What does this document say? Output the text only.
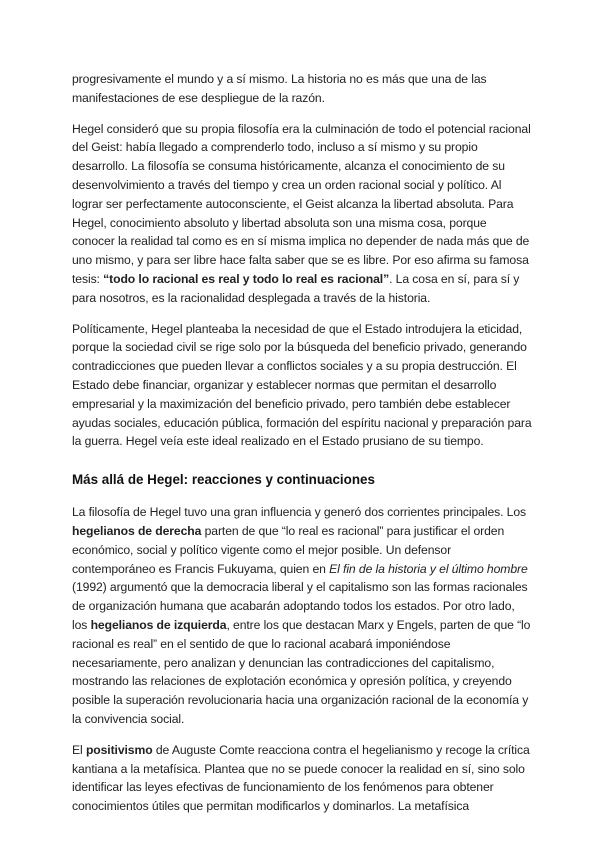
progresivamente el mundo y a sí mismo. La historia no es más que una de las manifestaciones de ese despliegue de la razón.

Hegel consideró que su propia filosofía era la culminación de todo el potencial racional del Geist: había llegado a comprenderlo todo, incluso a sí mismo y su propio desarrollo. La filosofía se consuma históricamente, alcanza el conocimiento de su desenvolvimiento a través del tiempo y crea un orden racional social y político. Al lograr ser perfectamente autoconsciente, el Geist alcanza la libertad absoluta. Para Hegel, conocimiento absoluto y libertad absoluta son una misma cosa, porque conocer la realidad tal como es en sí misma implica no depender de nada más que de uno mismo, y para ser libre hace falta saber que se es libre. Por eso afirma su famosa tesis: “todo lo racional es real y todo lo real es racional”. La cosa en sí, para sí y para nosotros, es la racionalidad desplegada a través de la historia.

Políticamente, Hegel planteaba la necesidad de que el Estado introdujera la eticidad, porque la sociedad civil se rige solo por la búsqueda del beneficio privado, generando contradicciones que pueden llevar a conflictos sociales y a su propia destrucción. El Estado debe financiar, organizar y establecer normas que permitan el desarrollo empresarial y la maximización del beneficio privado, pero también debe establecer ayudas sociales, educación pública, formación del espíritu nacional y preparación para la guerra. Hegel veía este ideal realizado en el Estado prusiano de su tiempo.

Más allá de Hegel: reacciones y continuaciones

La filosofía de Hegel tuvo una gran influencia y generó dos corrientes principales. Los hegelianos de derecha parten de que “lo real es racional” para justificar el orden económico, social y político vigente como el mejor posible. Un defensor contemporáneo es Francis Fukuyama, quien en El fin de la historia y el último hombre (1992) argumentó que la democracia liberal y el capitalismo son las formas racionales de organización humana que acabarán adoptando todos los estados. Por otro lado, los hegelianos de izquierda, entre los que destacan Marx y Engels, parten de que “lo racional es real” en el sentido de que lo racional acabará imponiéndose necesariamente, pero analizan y denuncian las contradicciones del capitalismo, mostrando las relaciones de explotación económica y opresión política, y creyendo posible la superación revolucionaria hacia una organización racional de la economía y la convivencia social.

El positivismo de Auguste Comte reacciona contra el hegelianismo y recoge la crítica kantiana a la metafísica. Plantea que no se puede conocer la realidad en sí, sino solo identificar las leyes efectivas de funcionamiento de los fenómenos para obtener conocimientos útiles que permitan modificarlos y dominarlos. La metafísica
